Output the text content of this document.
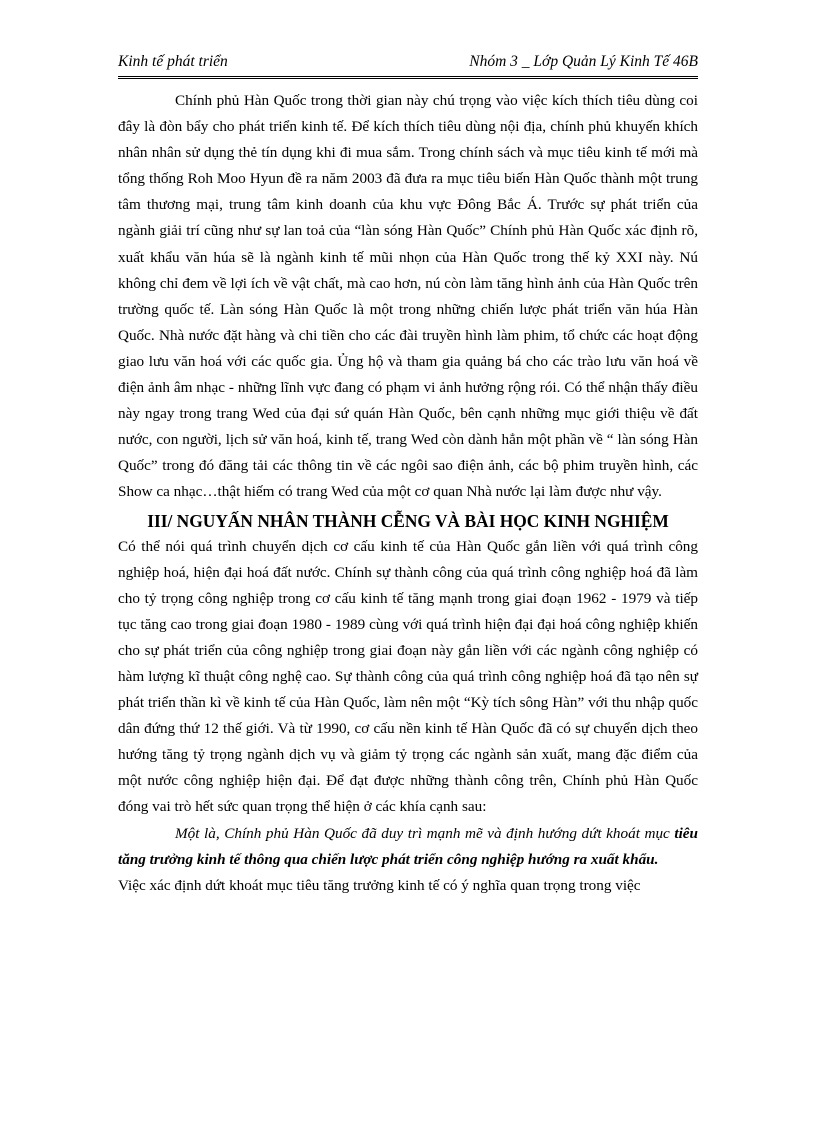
Kinh tế phát triển	Nhóm 3 _ Lớp Quản Lý Kinh Tế 46B

Chính phủ Hàn Quốc trong thời gian này chú trọng vào việc kích thích tiêu dùng coi đây là đòn bẩy cho phát triển kinh tế. Để kích thích tiêu dùng nội địa, chính phủ khuyến khích nhân nhân sử dụng thẻ tín dụng khi đi mua sắm. Trong chính sách và mục tiêu kinh tế mới mà tổng thống Roh Moo Hyun đề ra năm 2003 đã đưa ra mục tiêu biến Hàn Quốc thành một trung tâm thương mại, trung tâm kinh doanh của khu vực Đông Bắc Á. Trước sự phát triển của ngành giải trí cũng như sự lan toả của “làn sóng Hàn Quốc” Chính phủ Hàn Quốc xác định rõ, xuất khẩu văn húa sẽ là ngành kinh tế mũi nhọn của Hàn Quốc trong thế kỷ XXI này. Nú không chỉ đem về lợi ích về vật chất, mà cao hơn, nú còn làm tăng hình ảnh của Hàn Quốc trên trường quốc tế. Làn sóng Hàn Quốc là một trong những chiến lược phát triển văn húa Hàn Quốc. Nhà nước đặt hàng và chi tiền cho các đài truyền hình làm phim, tổ chức các hoạt động giao lưu văn hoá với các quốc gia. Ủng hộ và tham gia quảng bá cho các trào lưu văn hoá về điện ảnh âm nhạc - những lĩnh vực đang có phạm vi ảnh hưởng rộng rói. Có thể nhận thấy điều này ngay trong trang Wed của đại sứ quán Hàn Quốc, bên cạnh những mục giới thiệu về đất nước, con người, lịch sử văn hoá, kinh tế, trang Wed còn dành hẳn một phần về “ làn sóng Hàn Quốc” trong đó đăng tải các thông tin về các ngôi sao điện ảnh, các bộ phim truyền hình, các Show ca nhạc…thật hiếm có trang Wed của một cơ quan Nhà nước lại làm được như vậy.

III/ NGUYẤN NHÂN THÀNH CỄNG VÀ BÀI HỌC KINH NGHIỆM

Có thể nói quá trình chuyển dịch cơ cấu kinh tế của Hàn Quốc gắn liền với quá trình công nghiệp hoá, hiện đại hoá đất nước. Chính sự thành công của quá trình công nghiệp hoá đã làm cho tỷ trọng công nghiệp trong cơ cấu kinh tế tăng mạnh trong giai đoạn 1962 - 1979 và tiếp tục tăng cao trong giai đoạn 1980 - 1989 cùng với quá trình hiện đại đại hoá công nghiệp khiến cho sự phát triển của công nghiệp trong giai đoạn này gắn liền với các ngành công nghiệp có hàm lượng kĩ thuật công nghệ cao. Sự thành công của quá trình công nghiệp hoá đã tạo nên sự phát triển thần kì về kinh tế của Hàn Quốc, làm nên một “Kỳ tích sông Hàn” với thu nhập quốc dân đứng thứ 12 thế giới. Và từ 1990, cơ cấu nền kinh tế Hàn Quốc đã có sự chuyển dịch theo hướng tăng tỷ trọng ngành dịch vụ và giảm tỷ trọng các ngành sản xuất, mang đặc điểm của một nước công nghiệp hiện đại. Để đạt được những thành công trên, Chính phủ Hàn Quốc đóng vai trò hết sức quan trọng thể hiện ở các khía cạnh sau:

Một là, Chính phủ Hàn Quốc đã duy trì mạnh mẽ và định hướng dứt khoát mục tiêu tăng trưởng kinh tế thông qua chiến lược phát triển công nghiệp hướng ra xuất khẩu.

Việc xác định dứt khoát mục tiêu tăng trưởng kinh tế có ý nghĩa quan trọng trong việc
